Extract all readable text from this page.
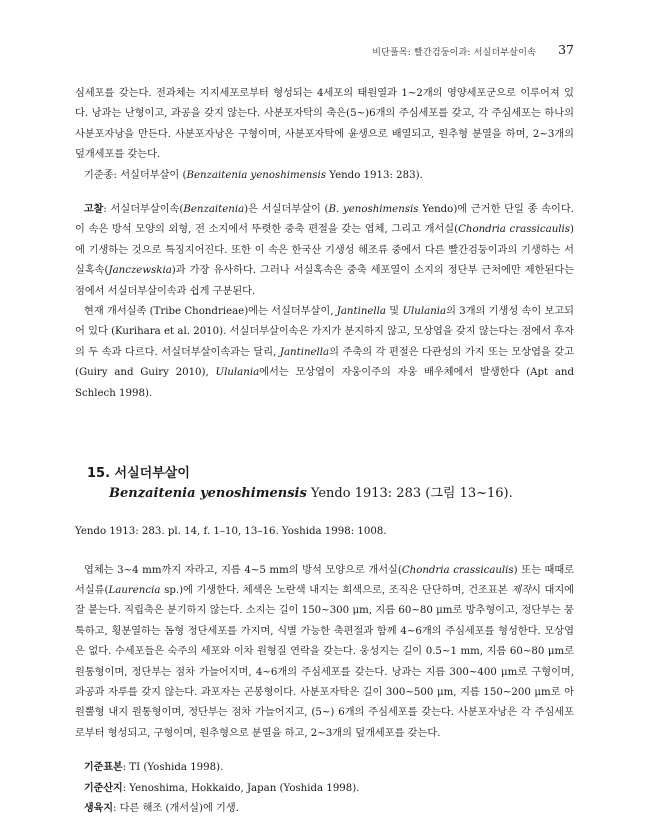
비단풀목: 빨간검둥이과: 서실더부살이속 37

심세포를 갖는다. 전과체는 지지세포로부터 형성되는 4세포의 태원열과 1~2개의 영양세포군으로 이루어져 있다. 낭과는 난형이고, 과공을 갖지 않는다. 사분포자탁의 축은(5~)6개의 주심세포를 갖고, 각 주심세포는 하나의 사분포자낭을 만든다. 사분포자낭은 구형이며, 사분포자탁에 윤생으로 배열되고, 원추형 분열을 하며, 2~3개의 덮개세포를 갖는다.

기준종: 서실더부살이 (Benzaitenia yenoshimensis Yendo 1913: 283).

고찰: 서실더부살이속(Benzaitenia)은 서실더부살이 (B. yenoshimensis Yendo)에 근거한 단일 종 속이다. 이 속은 방석 모양의 외형, 전 소지에서 뚜렷한 중축 편절을 갖는 엽체, 그리고 개서실(Chondria crassicaulis)에 기생하는 것으로 특징지어진다. 또한 이 속은 한국산 기생성 해조류 중에서 다른 빨간검둥이과의 기생하는 서실혹속(Janczewskia)과 가장 유사하다. 그러나 서실혹속은 중축 세포열이 소지의 정단부 근처에만 제한된다는 점에서 서실더부살이속과 쉽게 구분된다.

현재 개서실족 (Tribe Chondrieae)에는 서실더부살이, Jantinella 및 Ululania의 3개의 기생성 속이 보고되어 있다 (Kurihara et al. 2010). 서실더부살이속은 가지가 분지하지 않고, 모상엽을 갖지 않는다는 점에서 후자의 두 속과 다르다. 서실더부살이속과는 달리, Jantinella의 주축의 각 편절은 다관성의 가지 또는 모상엽을 갖고 (Guiry and Guiry 2010), Ululania에서는 모상엽이 자웅이주의 자웅 배우체에서 발생한다 (Apt and Schlech 1998).

15. 서실더부살이
Benzaitenia yenoshimensis Yendo 1913: 283 (그림 13~16).

Yendo 1913: 283. pl. 14, f. 1–10, 13–16. Yoshida 1998: 1008.

엽체는 3~4 mm까지 자라고, 지름 4~5 mm의 방석 모양으로 개서실(Chondria crassicaulis) 또는 때때로 서실류(Laurencia sp.)에 기생한다. 체색은 노란색 내지는 회색으로, 조직은 단단하며, 건조표본 제작시 대지에 잘 붙는다. 직립축은 분기하지 않는다. 소지는 길이 150~300 μm, 지름 60~80 μm로 방추형이고, 정단부는 뭉툭하고, 횡분열하는 돔형 정단세포를 가지며, 식별 가능한 축편절과 함께 4~6개의 주심세포를 형성한다. 모상엽은 없다. 수세포들은 숙주의 세포와 이차 원형질 연락을 갖는다. 웅성지는 길이 0.5~1 mm, 지름 60~80 μm로 원통형이며, 정단부는 점차 가늘어지며, 4~6개의 주심세포를 갖는다. 낭과는 지름 300~400 μm로 구형이며, 과공과 자루를 갖지 않는다. 과포자는 곤봉형이다. 사분포자탁은 길이 300~500 μm, 지름 150~200 μm로 아원뿔형 내지 원통형이며, 정단부는 점차 가늘어지고, (5~) 6개의 주심세포를 갖는다. 사분포자낭은 각 주심세포로부터 형성되고, 구형이며, 원추형으로 분열을 하고, 2~3개의 덮개세포를 갖는다.

기준표본: TI (Yoshida 1998).

기준산지: Yenoshima, Hokkaido, Japan (Yoshida 1998).

생육지: 다른 해조 (개서실)에 기생.
